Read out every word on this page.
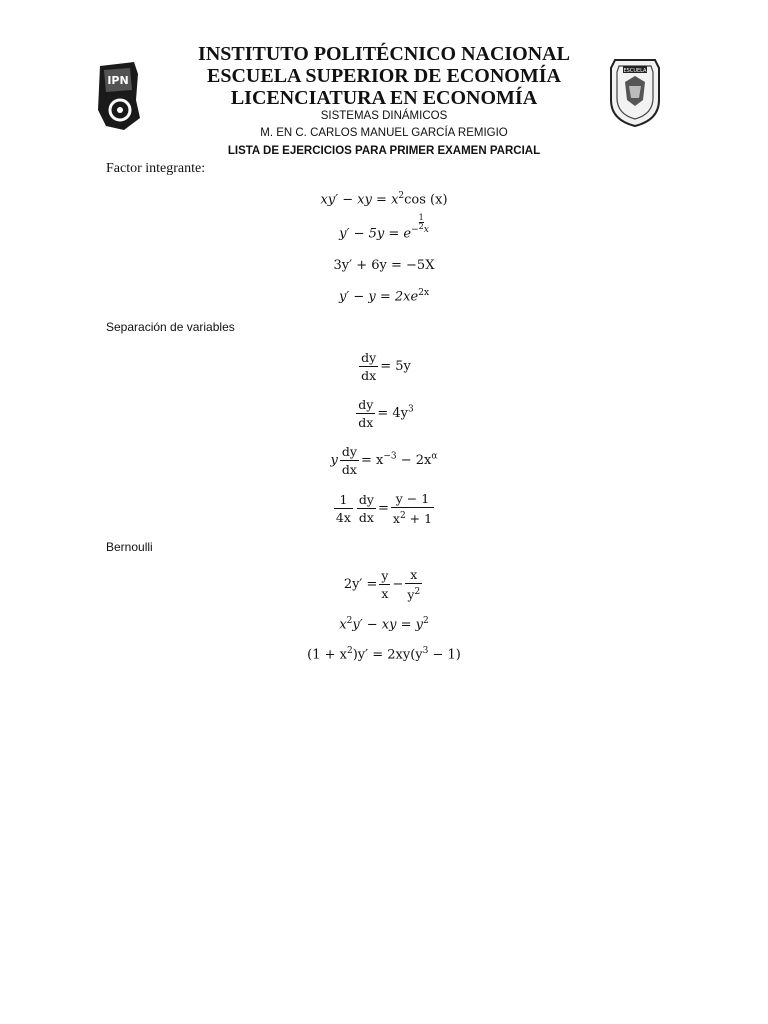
IPN
ESCUELA
INSTITUTO POLITÉCNICO NACIONAL
ESCUELA SUPERIOR DE ECONOMÍA
LICENCIATURA EN ECONOMÍA
SISTEMAS DINÁMICOS
M. EN C. CARLOS MANUEL GARCÍA REMIGIO
LISTA DE EJERCICIOS PARA PRIMER EXAMEN PARCIAL
Factor integrante:
xy′ − xy = $x^2\cos$ (x)
$y' - 5y = e^{- \frac{1}{2} x}$
3y′ + 6y = −5X
$y' - y = 2xe^{2x}$
Separación de variables
$\frac{dy}{dx} = 5y$
$\frac{dy}{dx} = 4y^3$
y $\frac{dy}{dx} = x^{-3} - 2x^\alpha$
$\frac{1}{4x} \frac{dy}{dx} = \frac{y - 1}{x^2 + 1}$
Bernoulli
$2y' = \frac{y}{x} - \frac{x}{y^2}$
$x^2y'$ − xy = $y^2$
$(1 + x^2)y' = 2xy(y^3 - 1)$
